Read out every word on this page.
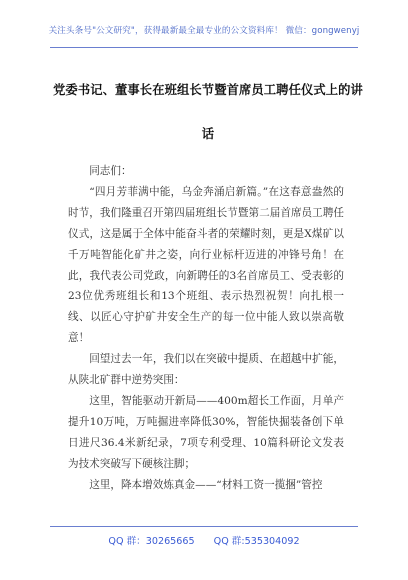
关注头条号"公文研究"，获得最新最全最专业的公文资料库！ 微信：gongwenyj
党委书记、董事长在班组长节暨首席员工聘任仪式上的讲
话

同志们：

“四月芳菲满中能，乌金奔涌启新篇。”在这春意盎然的时节，我们隆重召开第四届班组长节暨第二届首席员工聘任仪式，这是属于全体中能奋斗者的荣耀时刻，更是X煤矿以千万吨智能化矿井之姿，向行业标杆迈进的冲锋号角！在此，我代表公司党政，向新聘任的3名首席员工、受表彰的23位优秀班组长和13个班组、表示热烈祝贺！向扎根一线、以匠心守护矿井安全生产的每一位中能人致以崇高敬意！

回望过去一年，我们以在突破中提质、在超越中扩能，从陕北矿群中逆势突围：

这里，智能驱动开新局——400m超长工作面，月单产提升10万吨，万吨掘进率降低30%，智能快掘装备创下单日进尺36.4米新纪录，7项专利受理、10篇科研论文发表为技术突破写下硬核注脚；

这里，降本增效炼真金——“材料工资一揽捆”管控

QQ 群：30265665 QQ 群:535304092
